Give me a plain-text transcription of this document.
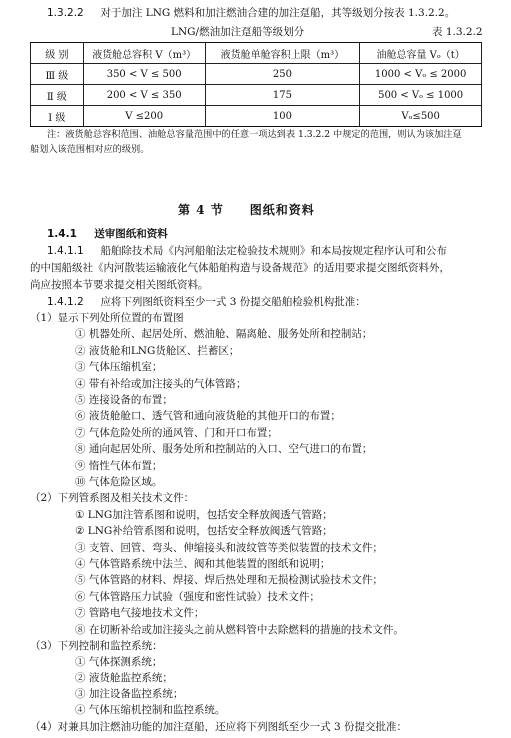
1.3.2.2 对于加注 LNG 燃料和加注燃油合建的加注趸船，其等级划分按表 1.3.2.2。
LNG/燃油加注趸船等级划分	表 1.3.2.2
级 别	液货舱总容积 V（m³）	液货舱单舱容积上限（m³）	油舱总容量 Vₒ（t）
Ⅲ 级	350 < V ≤ 500	250	1000 < Vₒ ≤ 2000
Ⅱ 级	200 < V ≤ 350	175	500 < Vₒ ≤ 1000
Ⅰ 级	V ≤200	100	Vₒ≤500
注：液货舱总容积范围、油舱总容量范围中的任意一项达到表 1.3.2.2 中规定的范围，则认为该加注趸
船划入该范围相对应的级别。
第 4 节　　图纸和资料
1.4.1 送审图纸和资料
1.4.1.1 船舶除技术局《内河船舶法定检验技术规则》和本局按规定程序认可和公布
的中国船级社《内河散装运输液化气体船舶构造与设备规范》的适用要求提交图纸资料外，
尚应按照本节要求提交相关图纸资料。
1.4.1.2 应将下列图纸资料至少一式 3 份提交船舶检验机构批准：
（1）显示下列处所位置的布置图
① 机器处所、起居处所、燃油舱、隔离舱、服务处所和控制站；
② 液货舱和LNG货舱区、拦蓄区；
③ 气体压缩机室；
④ 带有补给或加注接头的气体管路；
⑤ 连接设备的布置；
⑥ 液货舱舱口、透气管和通向液货舱的其他开口的布置；
⑦ 气体危险处所的通风管、门和开口布置；
⑧ 通向起居处所、服务处所和控制站的入口、空气进口的布置；
⑨ 惰性气体布置；
⑩ 气体危险区域。
（2）下列管系图及相关技术文件：
① LNG加注管系图和说明，包括安全释放阀透气管路；
② LNG补给管系图和说明，包括安全释放阀透气管路；
③ 支管、回管、弯头、伸缩接头和波纹管等类似装置的技术文件；
④ 气体管路系统中法兰、阀和其他装置的图纸和说明；
⑤ 气体管路的材料、焊接、焊后热处理和无损检测试验技术文件；
⑥ 气体管路压力试验（强度和密性试验）技术文件；
⑦ 管路电气接地技术文件；
⑧ 在切断补给或加注接头之前从燃料管中去除燃料的措施的技术文件。
（3）下列控制和监控系统：
① 气体探测系统；
② 液货舱监控系统；
③ 加注设备监控系统；
④ 气体压缩机控制和监控系统。
（4）对兼具加注燃油功能的加注趸船，还应将下列图纸至少一式 3 份提交批准：
